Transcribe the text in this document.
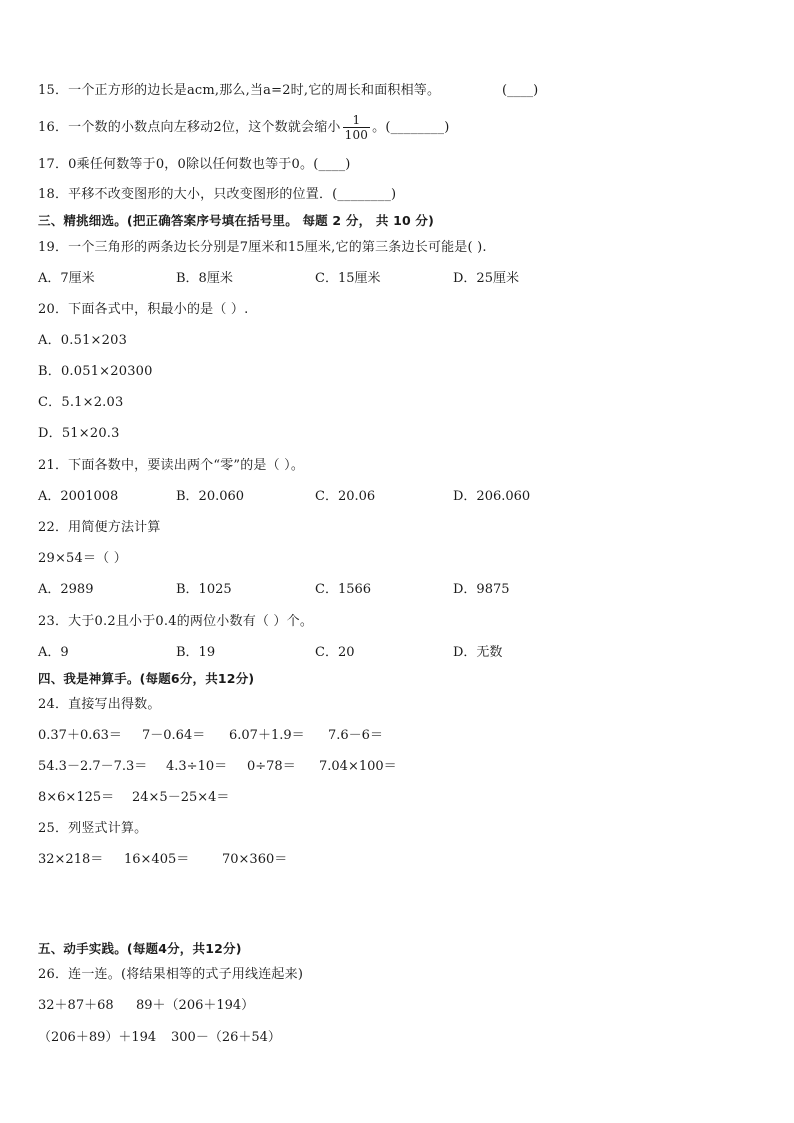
15．一个正方形的边长是acm,那么,当a=2时,它的周长和面积相等。	(____)
16．一个数的小数点向左移动2位，这个数就会缩小 $\frac{1}{100}$ 。(________)
17．0乘任何数等于0，0除以任何数也等于0。(____)
18．平移不改变图形的大小，只改变图形的位置．(________)
三、精挑细选。(把正确答案序号填在括号里。 每题 2 分， 共 10 分)
19．一个三角形的两条边长分别是7厘米和15厘米,它的第三条边长可能是( ).
A．7厘米	B．8厘米	C．15厘米	D．25厘米
20．下面各式中，积最小的是（ ）.
A．0.51×203
B．0.051×20300
C．5.1×2.03
D．51×20.3
21．下面各数中，要读出两个“零”的是（ ）。
A．2001008	B．20.060	C．20.06	D．206.060
22．用简便方法计算
29×54＝（ ）
A．2989	B．1025	C．1566	D．9875
23．大于0.2且小于0.4的两位小数有（ ）个。
A．9	B．19	C．20	D．无数
四、我是神算手。(每题6分，共12分)
24．直接写出得数。
0.37＋0.63＝ 7－0.64＝ 6.07＋1.9＝ 7.6－6＝
54.3－2.7－7.3＝ 4.3÷10＝ 0÷78＝ 7.04×100＝
8×6×125＝ 24×5－25×4＝
25．列竖式计算。
32×218＝ 16×405＝	70×360＝
五、动手实践。(每题4分，共12分)
26．连一连。(将结果相等的式子用线连起来)
32＋87＋68 89＋（206＋194）
（206＋89）＋194 300－（26＋54）
